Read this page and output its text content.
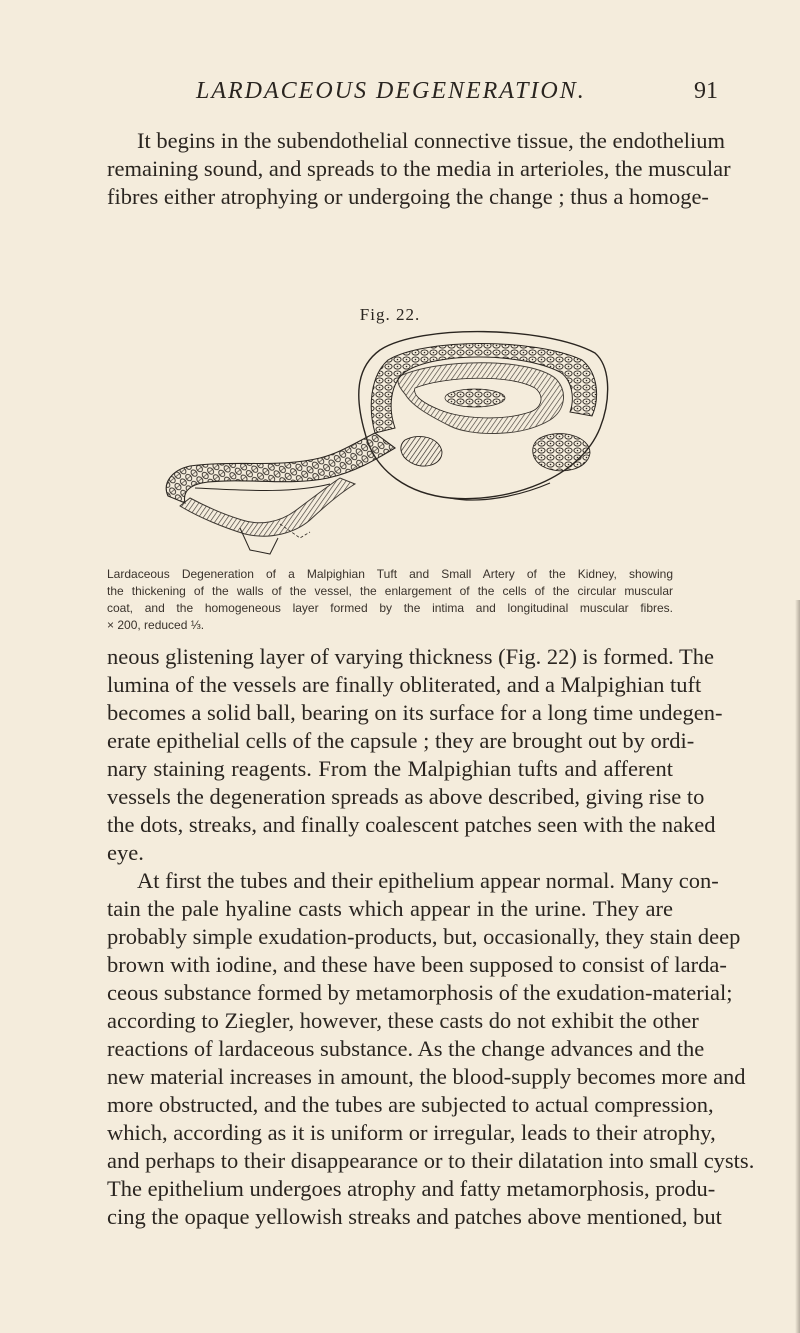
LARDACEOUS DEGENERATION.	91

It begins in the subendothelial connective tissue, the endothelium
remaining sound, and spreads to the media in arterioles, the muscular
fibres either atrophying or undergoing the change ; thus a homoge-

Fig. 22.
Lardaceous Degeneration of a Malpighian Tuft and Small Artery of the Kidney, showing
the thickening of the walls of the vessel, the enlargement of the cells of the circular muscular
coat, and the homogeneous layer formed by the intima and longitudinal muscular fibres.
× 200, reduced ⅓.

neous glistening layer of varying thickness (Fig. 22) is formed. The
lumina of the vessels are finally obliterated, and a Malpighian tuft
becomes a solid ball, bearing on its surface for a long time undegen-
erate epithelial cells of the capsule ; they are brought out by ordi-
nary staining reagents. From the Malpighian tufts and afferent
vessels the degeneration spreads as above described, giving rise to
the dots, streaks, and finally coalescent patches seen with the naked
eye.

At first the tubes and their epithelium appear normal. Many con-
tain the pale hyaline casts which appear in the urine. They are
probably simple exudation-products, but, occasionally, they stain deep
brown with iodine, and these have been supposed to consist of larda-
ceous substance formed by metamorphosis of the exudation-material;
according to Ziegler, however, these casts do not exhibit the other
reactions of lardaceous substance. As the change advances and the
new material increases in amount, the blood-supply becomes more and
more obstructed, and the tubes are subjected to actual compression,
which, according as it is uniform or irregular, leads to their atrophy,
and perhaps to their disappearance or to their dilatation into small cysts.
The epithelium undergoes atrophy and fatty metamorphosis, produ-
cing the opaque yellowish streaks and patches above mentioned, but
